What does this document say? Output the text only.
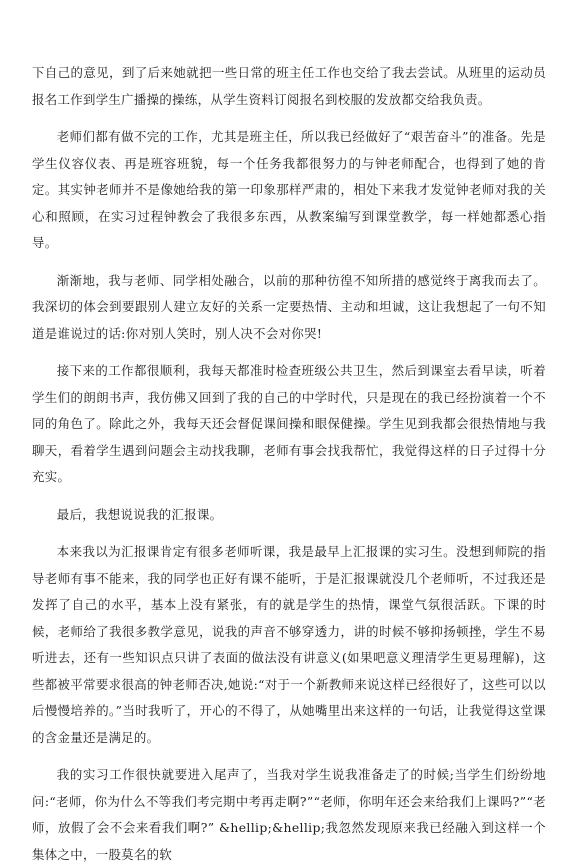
下自己的意见，到了后来她就把一些日常的班主任工作也交给了我去尝试。从班里的运动员报名工作到学生广播操的操练，从学生资料订阅报名到校服的发放都交给我负责。

老师们都有做不完的工作，尤其是班主任，所以我已经做好了“艰苦奋斗”的准备。先是学生仪容仪表、再是班容班貌，每一个任务我都很努力的与钟老师配合，也得到了她的肯定。其实钟老师并不是像她给我的第一印象那样严肃的，相处下来我才发觉钟老师对我的关心和照顾，在实习过程钟教会了我很多东西，从教案编写到课堂教学，每一样她都悉心指导。

渐渐地，我与老师、同学相处融合，以前的那种彷徨不知所措的感觉终于离我而去了。我深切的体会到要跟别人建立友好的关系一定要热情、主动和坦诚，这让我想起了一句不知道是谁说过的话:你对别人笑时，别人决不会对你哭!

接下来的工作都很顺利，我每天都准时检查班级公共卫生，然后到课室去看早读，听着学生们的朗朗书声，我仿佛又回到了我的自己的中学时代，只是现在的我已经扮演着一个不同的角色了。除此之外，我每天还会督促课间操和眼保健操。学生见到我都会很热情地与我聊天，看着学生遇到问题会主动找我聊，老师有事会找我帮忙，我觉得这样的日子过得十分充实。

最后，我想说说我的汇报课。

本来我以为汇报课肯定有很多老师听课，我是最早上汇报课的实习生。没想到师院的指导老师有事不能来，我的同学也正好有课不能听，于是汇报课就没几个老师听，不过我还是发挥了自己的水平，基本上没有紧张，有的就是学生的热情，课堂气氛很活跃。下课的时候，老师给了我很多教学意见，说我的声音不够穿透力，讲的时候不够抑扬顿挫，学生不易听进去，还有一些知识点只讲了表面的做法没有讲意义(如果吧意义理清学生更易理解)，这些都被平常要求很高的钟老师否决,她说:“对于一个新教师来说这样已经很好了，这些可以以后慢慢培养的。”当时我听了，开心的不得了，从她嘴里出来这样的一句话，让我觉得这堂课的含金量还是满足的。

我的实习工作很快就要进入尾声了，当我对学生说我准备走了的时候;当学生们纷纷地问:“老师，你为什么不等我们考完期中考再走啊?”“老师，你明年还会来给我们上课吗?”“老师，放假了会不会来看我们啊?” &hellip;&hellip;我忽然发现原来我已经融入到这样一个集体之中，一股莫名的软
